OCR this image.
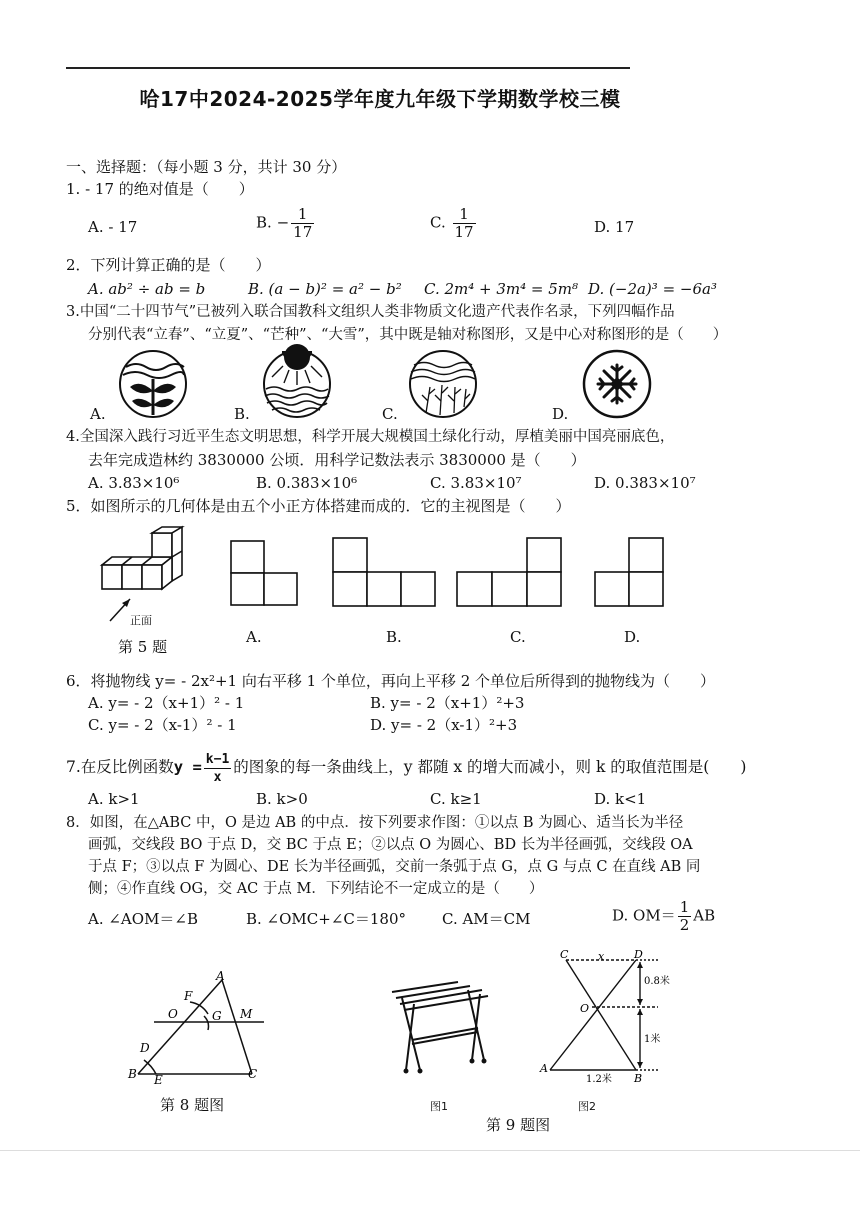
哈17中2024-2025学年度九年级下学期数学校三模
一、选择题：（每小题 3 分，共计 30 分）
1. - 17 的绝对值是（　　）
A. - 17	B. − $\frac{1}{17}$	C. $\frac{1}{17}$	D. 17
2．下列计算正确的是（　　）
A. ab² ÷ ab = b	B. (a − b)² = a² − b² C. 2m⁴ + 3m⁴ = 5m⁸ D. (−2a)³ = −6a³
3.中国“二十四节气”已被列入联合国教科文组织人类非物质文化遗产代表作名录，下列四幅作品
分别代表“立春”、“立夏”、“芒种”、“大雪”，其中既是轴对称图形，又是中心对称图形的是（　　）
A.	B.	C.	D.
4.全国深入践行习近平生态文明思想，科学开展大规模国土绿化行动，厚植美丽中国亮丽底色，
去年完成造林约 3830000 公顷．用科学记数法表示 3830000 是（　　）
A. 3.83×10⁶	B. 0.383×10⁶	C. 3.83×10⁷	D. 0.383×10⁷
5．如图所示的几何体是由五个小正方体搭建而成的．它的主视图是（　　）
正面
第 5 题
A.	B.	C.	D.
6．将抛物线 y= - 2x²+1 向右平移 1 个单位，再向上平移 2 个单位后所得到的抛物线为（　　）
A. y= - 2（x+1）² - 1	B. y= - 2（x+1）²+3
C. y= - 2（x-1）² - 1	D. y= - 2（x-1）²+3
7.在反比例函数$y = \frac{k-1}{x}$ 的图象的每一条曲线上，y 都随 x 的增大而减小，则 k 的取值范围是(　　)
A. k>1	B. k>0	C. k≥1	D. k<1
8．如图，在△ABC 中，O 是边 AB 的中点．按下列要求作图：①以点 B 为圆心、适当长为半径
画弧，交线段 BO 于点 D，交 BC 于点 E；②以点 O 为圆心、BD 长为半径画弧，交线段 OA
于点 F；③以点 F 为圆心、DE 长为半径画弧，交前一条弧于点 G，点 G 与点 C 在直线 AB 同
侧；④作直线 OG，交 AC 于点 M．下列结论不一定成立的是（　　）
A. ∠AOM＝∠B	B. ∠OMC+∠C＝180° C. AM＝CM	D. $OM= \frac{1}{2}$ AB
A
B	C
D
E
F
G M
O
第 8 题图	图1
C	D
x
O
A
B
0.8米
1米
1.2米
图2
第 9 题图
